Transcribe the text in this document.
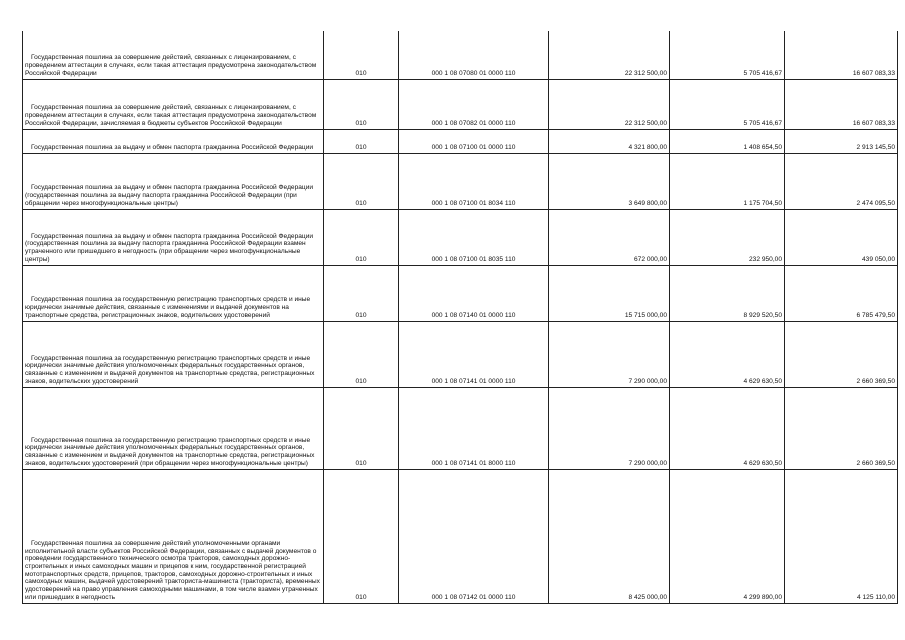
Государственная пошлина за совершение действий, связанных с лицензированием, с проведением аттестации в случаях, если такая аттестация предусмотрена законодательством Российской Федерации	010	000 1 08 07080 01 0000 110	22 312 500,00	5 705 416,67	16 607 083,33

Государственная пошлина за совершение действий, связанных с лицензированием, с проведением аттестации в случаях, если такая аттестация предусмотрена законодательством Российской Федерации, зачисляемая в бюджеты субъектов Российской Федерации	010	000 1 08 07082 01 0000 110	22 312 500,00	5 705 416,67	16 607 083,33

Государственная пошлина за выдачу и обмен паспорта гражданина Российской Федерации	010	000 1 08 07100 01 0000 110	4 321 800,00	1 408 654,50	2 913 145,50

Государственная пошлина за выдачу и обмен паспорта гражданина Российской Федерации (государственная пошлина за выдачу паспорта гражданина Российской Федерации (при обращении через многофункциональные центры)	010	000 1 08 07100 01 8034 110	3 649 800,00	1 175 704,50	2 474 095,50

Государственная пошлина за выдачу и обмен паспорта гражданина Российской Федерации (государственная пошлина за выдачу паспорта гражданина Российской Федерации взамен утраченного или пришедшего в негодность (при обращении через многофункциональные центры)	010	000 1 08 07100 01 8035 110	672 000,00	232 950,00	439 050,00

Государственная пошлина за государственную регистрацию транспортных средств и иные юридически значимые действия, связанные с изменениями и выдачей документов на транспортные средства, регистрационных знаков, водительских удостоверений	010	000 1 08 07140 01 0000 110	15 715 000,00	8 929 520,50	6 785 479,50

Государственная пошлина за государственную регистрацию транспортных средств и иные юридически значимые действия уполномоченных федеральных государственных органов, связанные с изменением и выдачей документов на транспортные средства, регистрационных знаков, водительских удостоверений	010	000 1 08 07141 01 0000 110	7 290 000,00	4 629 630,50	2 660 369,50

Государственная пошлина за государственную регистрацию транспортных средств и иные юридически значимые действия уполномоченных федеральных государственных органов, связанные с изменением и выдачей документов на транспортные средства, регистрационных знаков, водительских удостоверений (при обращении через многофункциональные центры)	010	000 1 08 07141 01 8000 110	7 290 000,00	4 629 630,50	2 660 369,50

Государственная пошлина за совершение действий уполномоченными органами исполнительной власти субъектов Российской Федерации, связанных с выдачей документов о проведении государственного технического осмотра тракторов, самоходных дорожно-строительных и иных самоходных машин и прицепов к ним, государственной регистрацией мототранспортных средств, прицепов, тракторов, самоходных дорожно-строительных и иных самоходных машин, выдачей удостоверений тракториста-машиниста (тракториста), временных удостоверений на право управления самоходными машинами, в том числе взамен утраченных или пришедших в негодность	010	000 1 08 07142 01 0000 110	8 425 000,00	4 299 890,00	4 125 110,00
